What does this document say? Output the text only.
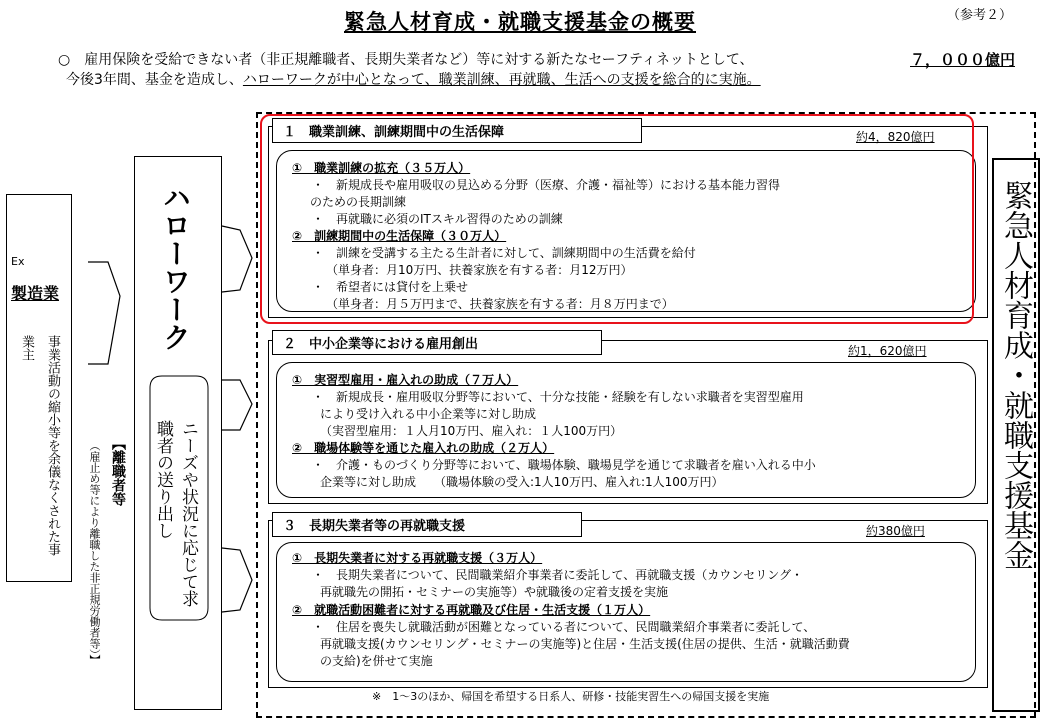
緊急人材育成・就職支援基金の概要	（参考２）
○　雇用保険を受給できない者（非正規離職者、長期失業者など）等に対する新たなセーフティネットとして、	７，０００億円
今後3年間、基金を造成し、ハローワークが中心となって、職業訓練、再就職、生活への支援を総合的に実施。
Ex
製造業
事業活動の縮小等を余儀なくされた事業主
【離職者等
（雇止め等により離職した非正規労働者等）】
ハローワーク
ニーズや状況に応じて求職者の送り出し
１　職業訓練、訓練期間中の生活保障	約4，820億円
①　職業訓練の拡充（３５万人）
・　新規成長や雇用吸収の見込める分野（医療、介護・福祉等）における基本能力習得
のための長期訓練
・　再就職に必須のITスキル習得のための訓練
②　訓練期間中の生活保障（３０万人）
・　訓練を受講する主たる生計者に対して、訓練期間中の生活費を給付
（単身者：月10万円、扶養家族を有する者：月12万円）
・　希望者には貸付を上乗せ
（単身者：月５万円まで、扶養家族を有する者：月８万円まで）
２　中小企業等における雇用創出	約1，620億円
①　実習型雇用・雇入れの助成（７万人）
・　新規成長・雇用吸収分野等において、十分な技能・経験を有しない求職者を実習型雇用
により受け入れる中小企業等に対し助成
（実習型雇用：１人月10万円、雇入れ：１人100万円）
②　職場体験等を通じた雇入れの助成（２万人）
・　介護・ものづくり分野等において、職場体験、職場見学を通じて求職者を雇い入れる中小
企業等に対し助成　　（職場体験の受入:1人10万円、雇入れ:1人100万円）
３　長期失業者等の再就職支援	約380億円
①　長期失業者に対する再就職支援（３万人）
・　長期失業者について、民間職業紹介事業者に委託して、再就職支援（カウンセリング・
再就職先の開拓・セミナーの実施等）や就職後の定着支援を実施
②　就職活動困難者に対する再就職及び住居・生活支援（１万人）
・　住居を喪失し就職活動が困難となっている者について、民間職業紹介事業者に委託して、
再就職支援(カウンセリング・セミナーの実施等)と住居・生活支援(住居の提供、生活・就職活動費
の支給)を併せて実施
緊急人材育成・就職支援基金
※　1～3のほか、帰国を希望する日系人、研修・技能実習生への帰国支援を実施
